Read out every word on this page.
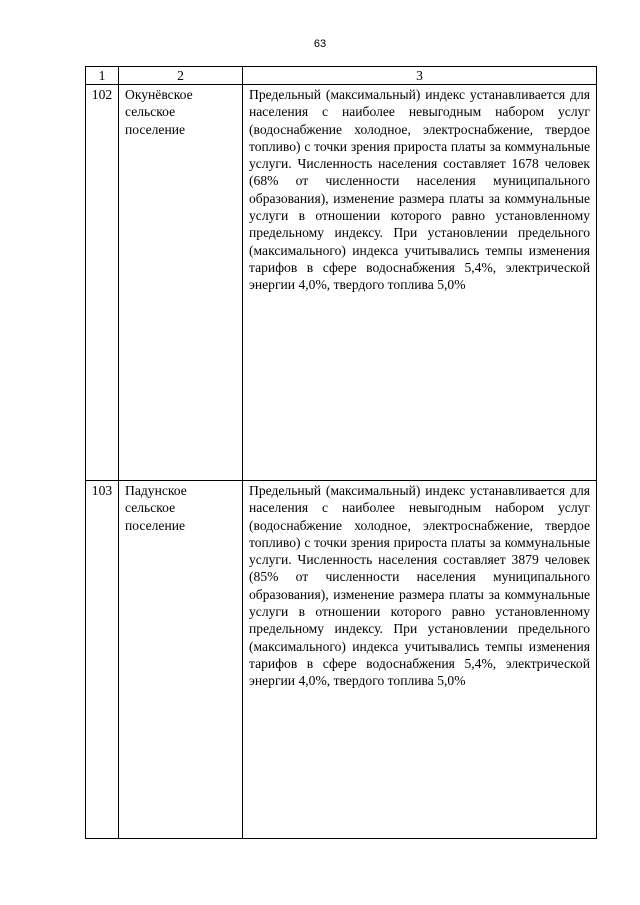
63
1	2	3
102	Окунёвское сельское поселение	Предельный (максимальный) индекс устанавливается для населения с наиболее невыгодным набором услуг (водоснабжение холодное, электроснабжение, твердое топливо) с точки зрения прироста платы за коммунальные услуги. Численность населения составляет 1678 человек (68% от численности населения муниципального образования), изменение размера платы за коммунальные услуги в отношении которого равно установленному предельному индексу. При установлении предельного (максимального) индекса учитывались темпы изменения тарифов в сфере водоснабжения 5,4%, электрической энергии 4,0%, твердого топлива 5,0%
103	Падунское сельское поселение	Предельный (максимальный) индекс устанавливается для населения с наиболее невыгодным набором услуг (водоснабжение холодное, электроснабжение, твердое топливо) с точки зрения прироста платы за коммунальные услуги. Численность населения составляет 3879 человек (85% от численности населения муниципального образования), изменение размера платы за коммунальные услуги в отношении которого равно установленному предельному индексу. При установлении предельного (максимального) индекса учитывались темпы изменения тарифов в сфере водоснабжения 5,4%, электрической энергии 4,0%, твердого топлива 5,0%
